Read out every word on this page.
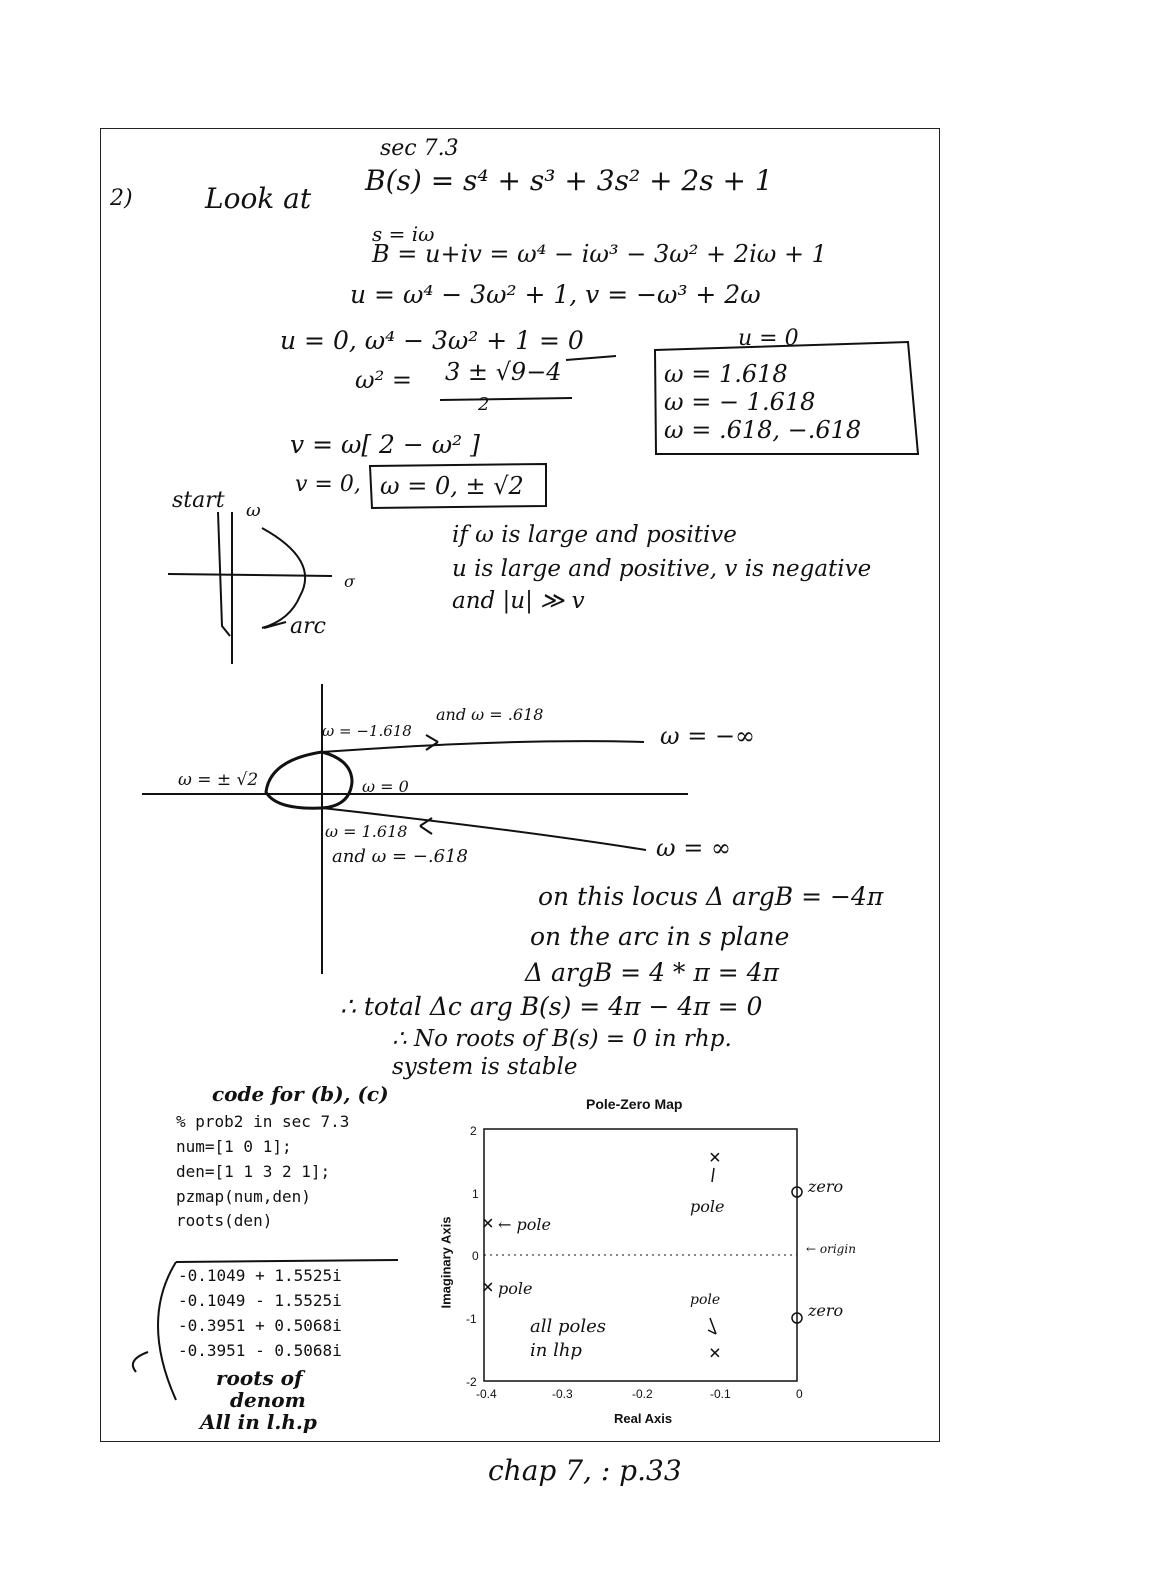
sec 7.3
2)	Look at
B(s) = s⁴ + s³ + 3s² + 2s + 1
s = iω
B = u+iv = ω⁴ − iω³ − 3ω² + 2iω + 1
u = ω⁴ − 3ω² + 1, v = −ω³ + 2ω
u = 0, ω⁴ − 3ω² + 1 = 0
ω² = 3 ± √9−4
2
v = ω[ 2 − ω² ]
v = 0, ω = 0, ± √2
u = 0
ω = 1.618
ω = − 1.618
ω = .618, −.618
start ω
σ
arc
if ω is large and positive
u is large and positive, v is negative
and |u| ≫ v
ω = −1.618
and ω = .618
ω = −∞
ω = ± √2	ω = 0
ω = 1.618
and ω = −.618	ω = ∞
on this locus Δ argB = −4π
on the arc in s plane
Δ argB = 4 * π = 4π
∴ total Δc arg B(s) = 4π − 4π = 0
∴ No roots of B(s) = 0 in rhp.
system is stable
code for (b), (c)
% prob2 in sec 7.3
num=[1 0 1];
den=[1 1 3 2 1];
pzmap(num,den)
roots(den)
-0.1049 + 1.5525i
-0.1049 - 1.5525i
-0.3951 + 0.5068i
-0.3951 - 0.5068i
roots of
denom
All in l.h.p
Pole-Zero Map
Real Axis
Imaginary Axis
chap 7, : p.33
-0.4	-0.3	-0.2	-0.1	0
2
1
0
-1
-2
pole
← pole
pole
pole
zero
zero
← origin
all poles
in lhp
